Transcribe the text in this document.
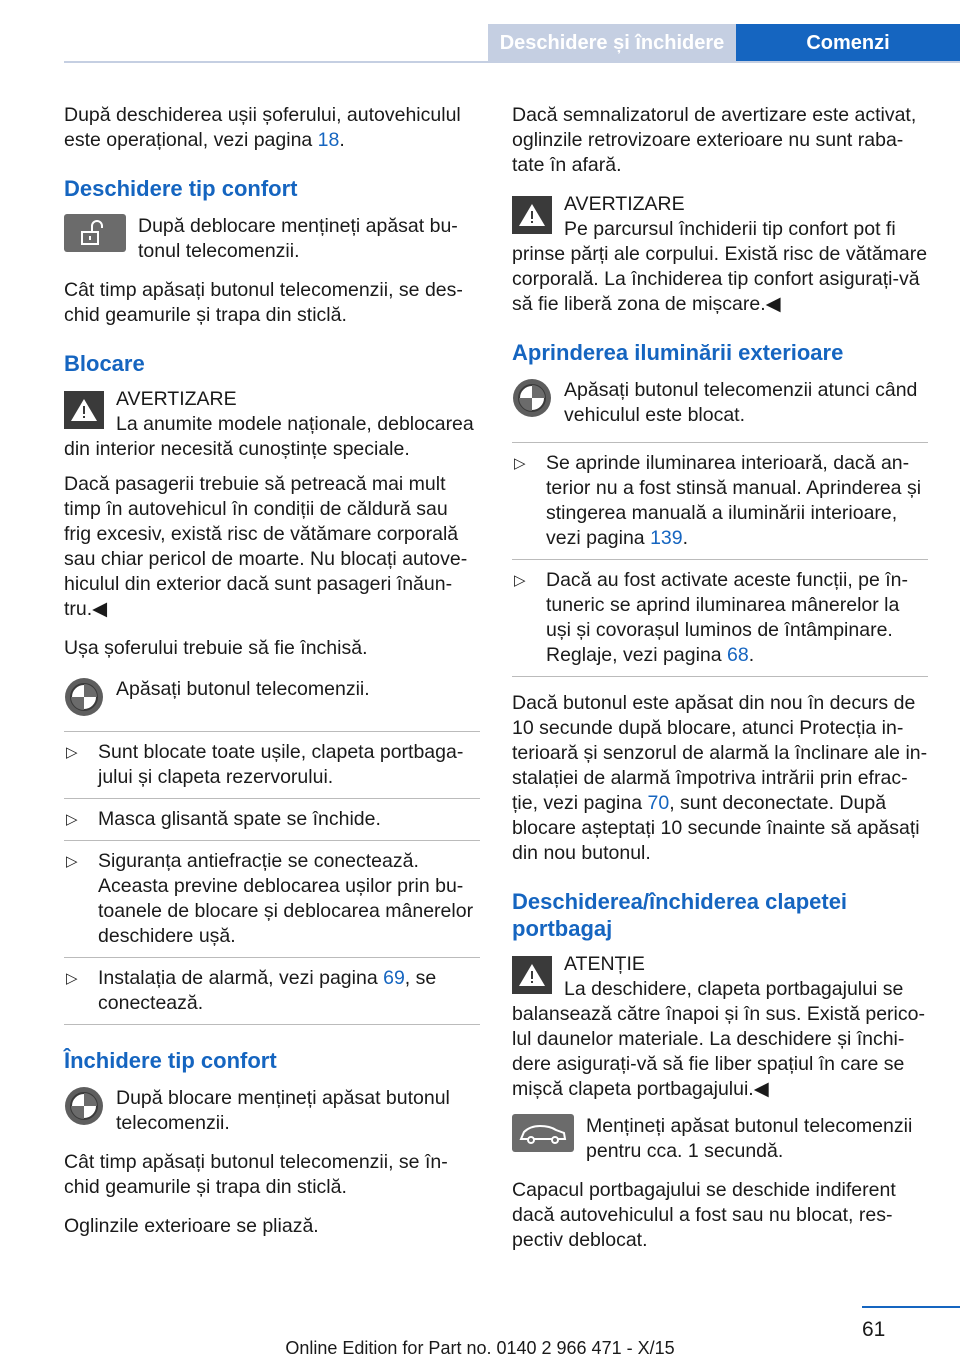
Deschidere și închidere	Comenzi

După deschiderea ușii șoferului, autovehiculul este operațional, vezi pagina 18.

Deschidere tip confort
După deblocare mențineți apăsat bu‐tonul telecomenzii.

Cât timp apăsați butonul telecomenzii, se des‐chid geamurile și trapa din sticlă.

Blocare
AVERTIZARE
La anumite modele naționale, deblocarea din interior necesită cunoștințe speciale.

Dacă pasagerii trebuie să petreacă mai mult timp în autovehicul în condiții de căldură sau frig excesiv, există risc de vătămare corporală sau chiar pericol de moarte. Nu blocați autove‐hiculul din exterior dacă sunt pasageri înăun‐tru.◀

Ușa șoferului trebuie să fie închisă.

Apăsați butonul telecomenzii.
▷ Sunt blocate toate ușile, clapeta portbaga‐jului și clapeta rezervorului.
▷ Masca glisantă spate se închide.
▷ Siguranța antiefracție se conectează. Aceasta previne deblocarea ușilor prin bu‐toanele de blocare și deblocarea mânerelor deschidere ușă.
▷ Instalația de alarmă, vezi pagina 69, se conectează.
Închidere tip confort
După blocare mențineți apăsat butonul telecomenzii.

Cât timp apăsați butonul telecomenzii, se în‐chid geamurile și trapa din sticlă.

Oglinzile exterioare se pliază.

Dacă semnalizatorul de avertizare este activat, oglinzile retrovizoare exterioare nu sunt raba‐tate în afară.

AVERTIZARE
Pe parcursul închiderii tip confort pot fi prinse părți ale corpului. Există risc de vătămare corporală. La închiderea tip confort asigurați-vă să fie liberă zona de mișcare.◀
Aprinderea iluminării exterioare
Apăsați butonul telecomenzii atunci când vehiculul este blocat.
▷ Se aprinde iluminarea interioară, dacă an‐terior nu a fost stinsă manual. Aprinderea și stingerea manuală a iluminării interioare, vezi pagina 139.
▷ Dacă au fost activate aceste funcții, pe în‐tuneric se aprind iluminarea mânerelor la uși și covorașul luminos de întâmpinare. Reglaje, vezi pagina 68.

Dacă butonul este apăsat din nou în decurs de 10 secunde după blocare, atunci Protecția in‐terioară și senzorul de alarmă la înclinare ale in‐stalației de alarmă împotriva intrării prin efrac‐ție, vezi pagina 70, sunt deconectate. După blocare așteptați 10 secunde înainte să apăsați din nou butonul.

Deschiderea/închiderea clapetei portbagaj
ATENȚIE
La deschidere, clapeta portbagajului se balansează către înapoi și în sus. Există perico‐lul daunelor materiale. La deschidere și închi‐dere asigurați-vă să fie liber spațiul în care se mișcă clapeta portbagajului.◀
Mențineți apăsat butonul telecomenzii pentru cca. 1 secundă.

Capacul portbagajului se deschide indiferent dacă autovehiculul a fost sau nu blocat, res‐pectiv deblocat.

61
Online Edition for Part no. 0140 2 966 471 - X/15
